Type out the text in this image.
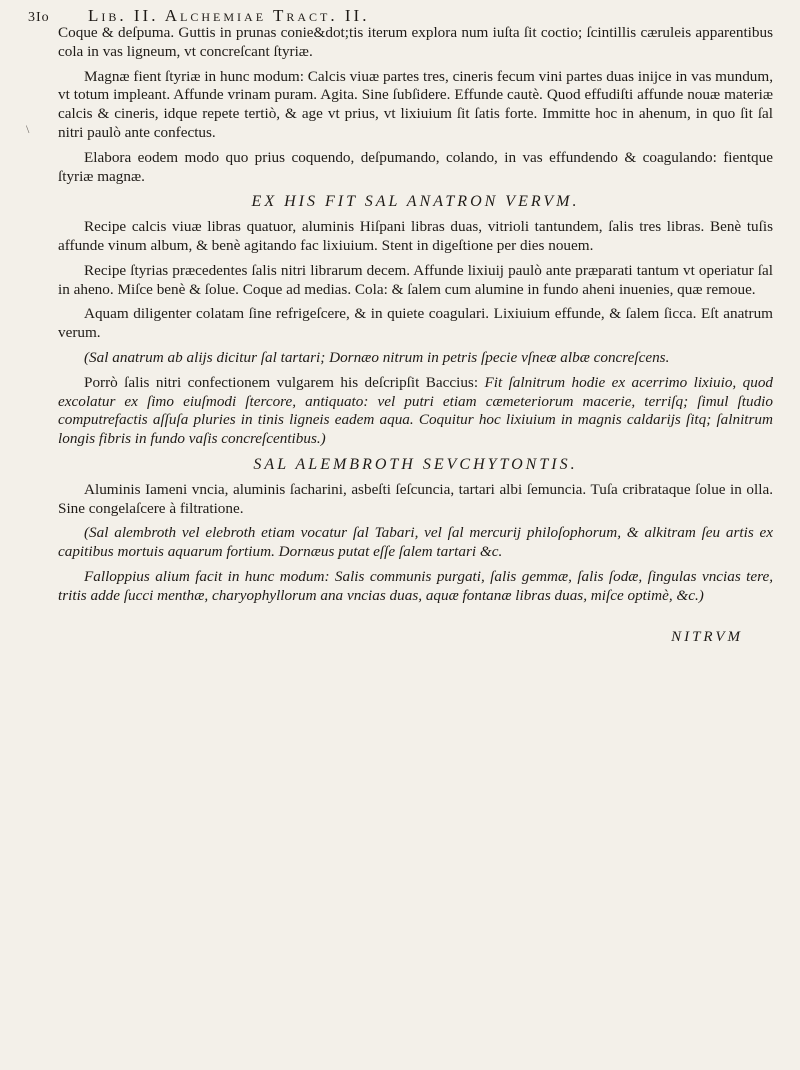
3Io	Lib. II. Alchemiae Tract. II.
\

Coque & deſpuma. Guttis in prunas conie&dot;tis iterum explora num iuſta ſit coctio; ſcintillis cæruleis apparentibus cola in vas ligneum, vt concreſcant ſtyriæ.

Magnæ fient ſtyriæ in hunc modum: Calcis viuæ partes tres, cineris fecum vini partes duas inijce in vas mundum, vt totum impleant. Affunde vrinam puram. Agita. Sine ſubſidere. Effunde cautè. Quod effudiſti affunde nouæ materiæ calcis & cineris, idque repete tertiò, & age vt prius, vt lixiuium ſit ſatis forte. Immitte hoc in ahenum, in quo ſit ſal nitri paulò ante confectus.

Elabora eodem modo quo prius coquendo, deſpumando, colando, in vas effundendo & coagulando: fientque ſtyriæ magnæ.

EX HIS FIT SAL ANATRON VERVM.

Recipe calcis viuæ libras quatuor, aluminis Hiſpani libras duas, vitrioli tantundem, ſalis tres libras. Benè tuſis affunde vinum album, & benè agitando fac lixiuium. Stent in digeſtione per dies nouem.

Recipe ſtyrias præcedentes ſalis nitri librarum decem. Affunde lixiuij paulò ante præparati tantum vt operiatur ſal in aheno. Miſce benè & ſolue. Coque ad medias. Cola: & ſalem cum alumine in fundo aheni inuenies, quæ remoue.

Aquam diligenter colatam ſine refrigeſcere, & in quiete coagulari. Lixiuium effunde, & ſalem ſicca. Eſt anatrum verum.

(Sal anatrum ab alijs dicitur ſal tartari; Dornæo nitrum in petris ſpecie vſneæ albæ concreſcens.

Porrò ſalis nitri confectionem vulgarem his deſcripſit Baccius: Fit ſalnitrum hodie ex acerrimo lixiuio, quod excolatur ex ſimo eiuſmodi ſtercore, antiquato: vel putri etiam cæmeteriorum macerie, terriſq; ſimul ſtudio computrefactis aſſuſa pluries in tinis ligneis eadem aqua. Coquitur hoc lixiuium in magnis caldarijs ſitq; ſalnitrum longis fibris in fundo vaſis concreſcentibus.)

SAL ALEMBROTH SEVCHYTONTIS.

Aluminis Iameni vncia, aluminis ſacharini, asbeſti ſeſcuncia, tartari albi ſemuncia. Tuſa cribrataque ſolue in olla. Sine congelaſcere à filtratione.

(Sal alembroth vel elebroth etiam vocatur ſal Tabari, vel ſal mercurij philoſophorum, & alkitram ſeu artis ex capitibus mortuis aquarum fortium. Dornæus putat eſſe ſalem tartari &c.

Falloppius alium facit in hunc modum: Salis communis purgati, ſalis gemmæ, ſalis ſodæ, ſingulas vncias tere, tritis adde ſucci menthæ, charyophyllorum ana vncias duas, aquæ fontanæ libras duas, miſce optimè, &c.)

NITRVM
